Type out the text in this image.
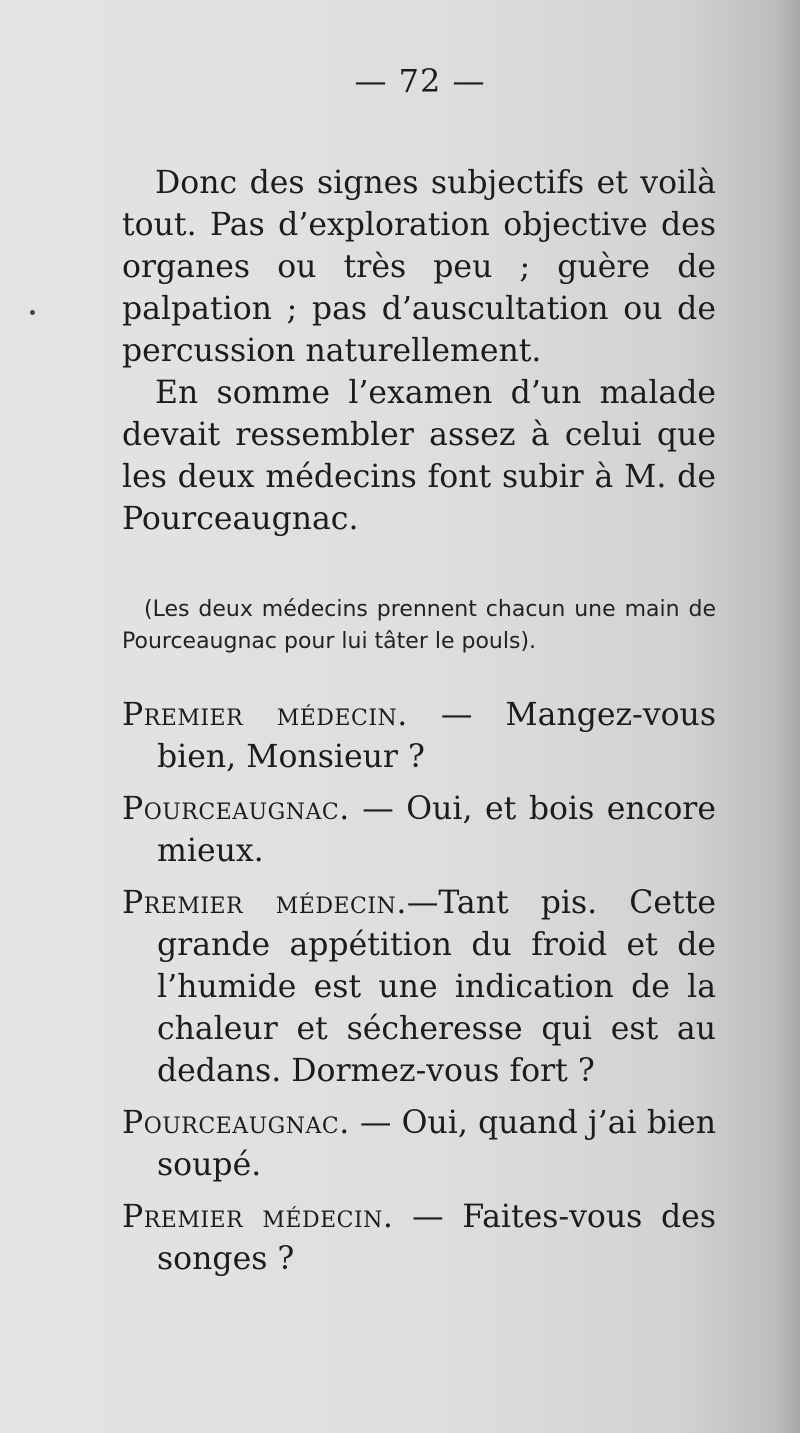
— 72 —

Donc des signes subjectifs et voilà tout. Pas d’exploration objective des organes ou très peu ; guère de palpation ; pas d’auscultation ou de percussion naturellement.

En somme l’examen d’un malade devait ressembler assez à celui que les deux médecins font subir à M. de Pourceaugnac.

(Les deux médecins prennent chacun une main de Pourceaugnac pour lui tâter le pouls).

Premier médecin. — Mangez-vous bien, Monsieur ?

Pourceaugnac. — Oui, et bois encore mieux.

Premier médecin.—Tant pis. Cette grande appétition du froid et de l’humide est une indication de la chaleur et sécheresse qui est au dedans. Dormez-vous fort ?

Pourceaugnac. — Oui, quand j’ai bien soupé.

Premier médecin. — Faites-vous des songes ?
